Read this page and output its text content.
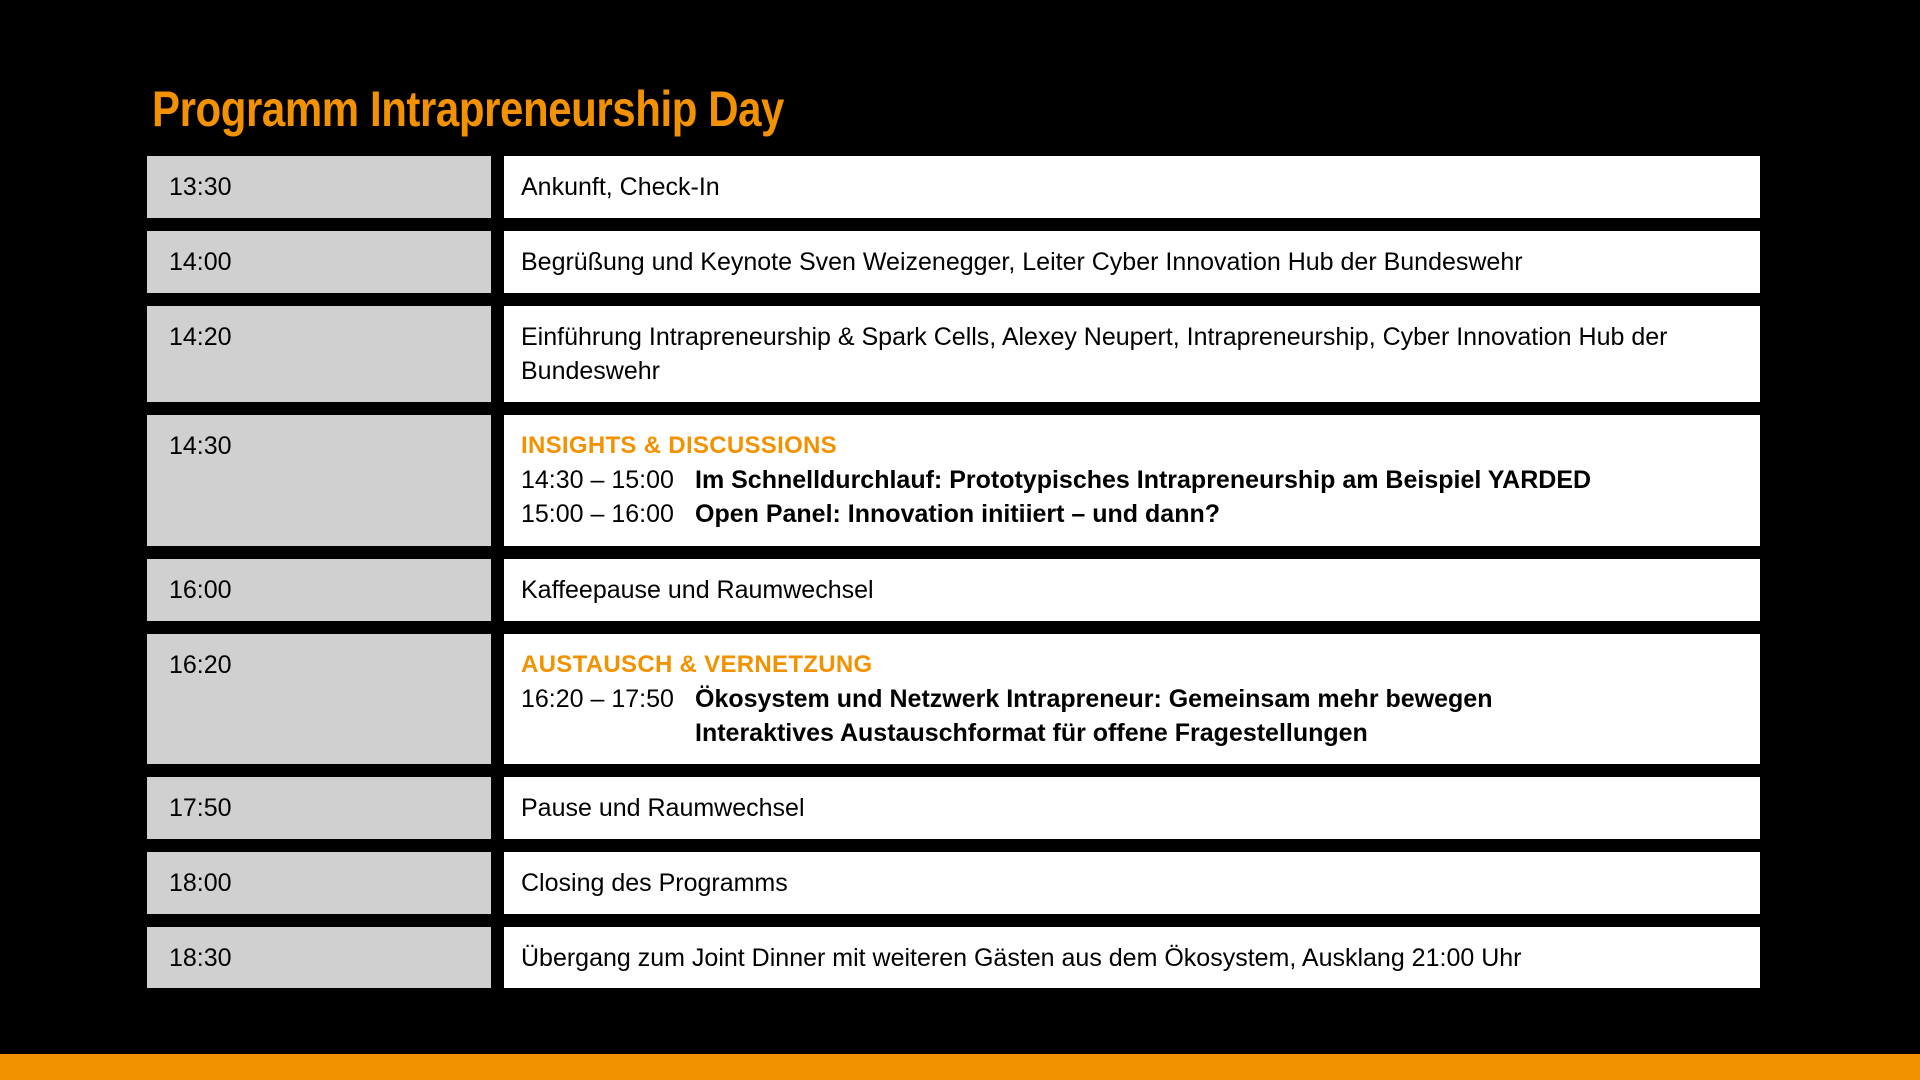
Programm Intrapreneurship Day
13:30	Ankunft, Check-In
14:00	Begrüßung und Keynote Sven Weizenegger, Leiter Cyber Innovation Hub der Bundeswehr
14:20	Einführung Intrapreneurship & Spark Cells, Alexey Neupert, Intrapreneurship, Cyber Innovation Hub der Bundeswehr
14:30	INSIGHTS & DISCUSSIONS
14:30 – 15:00 Im Schnelldurchlauf: Prototypisches Intrapreneurship am Beispiel YARDED
15:00 – 16:00 Open Panel: Innovation initiiert – und dann?
16:00	Kaffeepause und Raumwechsel
16:20	AUSTAUSCH & VERNETZUNG
16:20 – 17:50 Ökosystem und Netzwerk Intrapreneur: Gemeinsam mehr bewegen
Interaktives Austauschformat für offene Fragestellungen
17:50	Pause und Raumwechsel
18:00	Closing des Programms
18:30	Übergang zum Joint Dinner mit weiteren Gästen aus dem Ökosystem, Ausklang 21:00 Uhr
